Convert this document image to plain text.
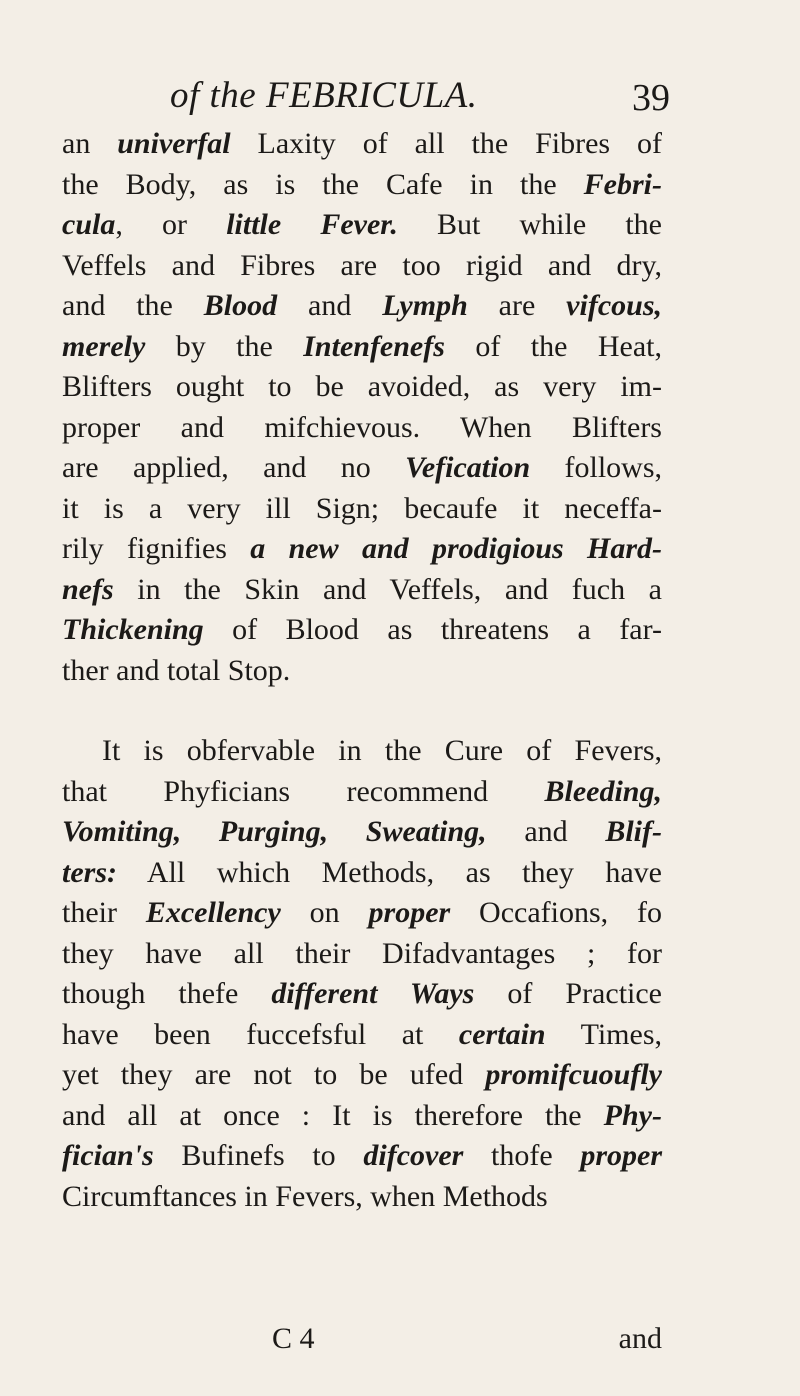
of the FEBRICULA.	39
an univerfal Laxity of all the Fibres of
the Body, as is the Cafe in the Febri-
cula, or little Fever. But while the
Veffels and Fibres are too rigid and dry,
and the Blood and Lymph are vifcous,
merely by the Intenfenefs of the Heat,
Blifters ought to be avoided, as very im-
proper and mifchievous. When Blifters
are applied, and no Vefication follows,
it is a very ill Sign; becaufe it neceffa-
rily fignifies a new and prodigious Hard-
nefs in the Skin and Veffels, and fuch a
Thickening of Blood as threatens a far-
ther and total Stop.
It is obfervable in the Cure of Fevers,
that Phyficians recommend Bleeding,
Vomiting, Purging, Sweating, and Blif-
ters: All which Methods, as they have
their Excellency on proper Occafions, fo
they have all their Difadvantages ; for
though thefe different Ways of Practice
have been fuccefsful at certain Times,
yet they are not to be ufed promifcuoufly
and all at once : It is therefore the Phy-
fician's Bufinefs to difcover thofe proper
Circumftances in Fevers, when Methods
C 4	and
